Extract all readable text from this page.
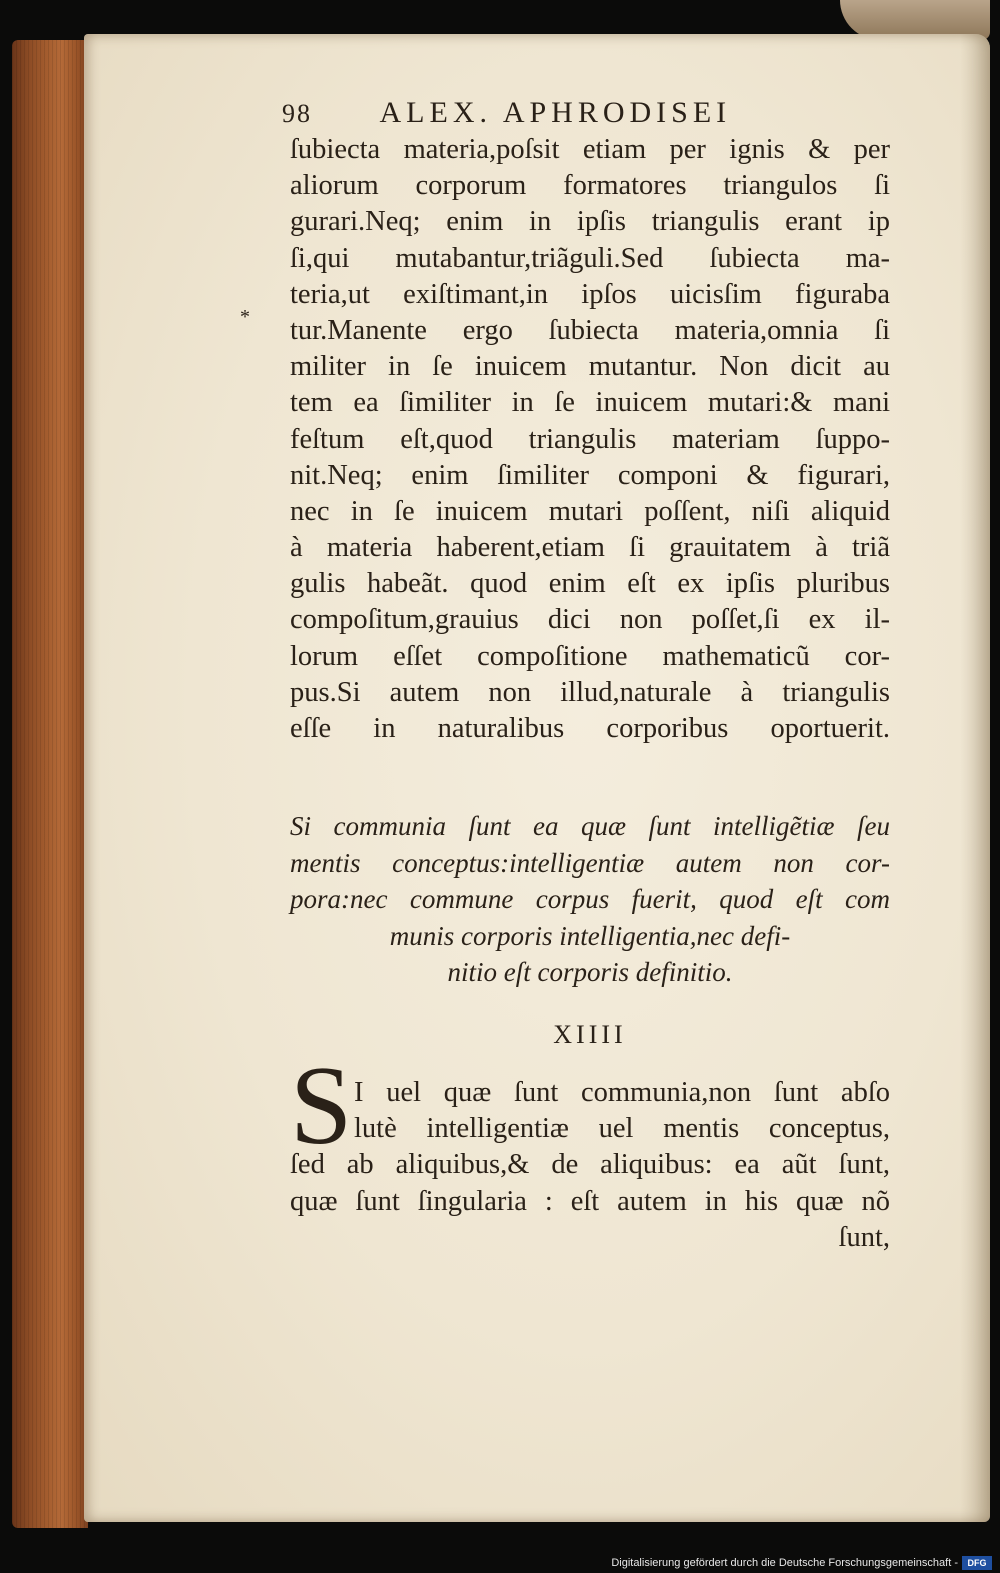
98 ALEX. APHRODISEI
*
ſubiecta materia,poſsit etiam per ignis & per
aliorum corporum formatores triangulos ſi
gurari.Neq; enim in ipſis triangulis erant ip
ſi,qui mutabantur,triãguli.Sed ſubiecta ma-
teria,ut exiſtimant,in ipſos uicisſim figuraba
tur.Manente ergo ſubiecta materia,omnia ſi
militer in ſe inuicem mutantur. Non dicit au
tem ea ſimiliter in ſe inuicem mutari:& mani
feſtum eſt,quod triangulis materiam ſuppo-
nit.Neq; enim ſimiliter componi & figurari,
nec in ſe inuicem mutari poſſent, niſi aliquid
à materia haberent,etiam ſi grauitatem à triã
gulis habeãt. quod enim eſt ex ipſis pluribus
compoſitum,grauius dici non poſſet,ſi ex il-
lorum eſſet compoſitione mathematicũ cor-
pus.Si autem non illud,naturale à triangulis
eſſe in naturalibus corporibus oportuerit.
Si communia ſunt ea quæ ſunt intelligẽtiæ ſeu
mentis conceptus:intelligentiæ autem non cor-
pora:nec commune corpus fuerit, quod eſt com
munis corporis intelligentia,nec defi-
nitio eſt corporis definitio.
XIIII
S I uel quæ ſunt communia,non ſunt abſo
lutè intelligentiæ uel mentis conceptus,
ſed ab aliquibus,& de aliquibus: ea aũt ſunt,
quæ ſunt ſingularia : eſt autem in his quæ nõ
ſunt,
Digitalisierung gefördert durch die Deutsche Forschungsgemeinschaft -	DFG
